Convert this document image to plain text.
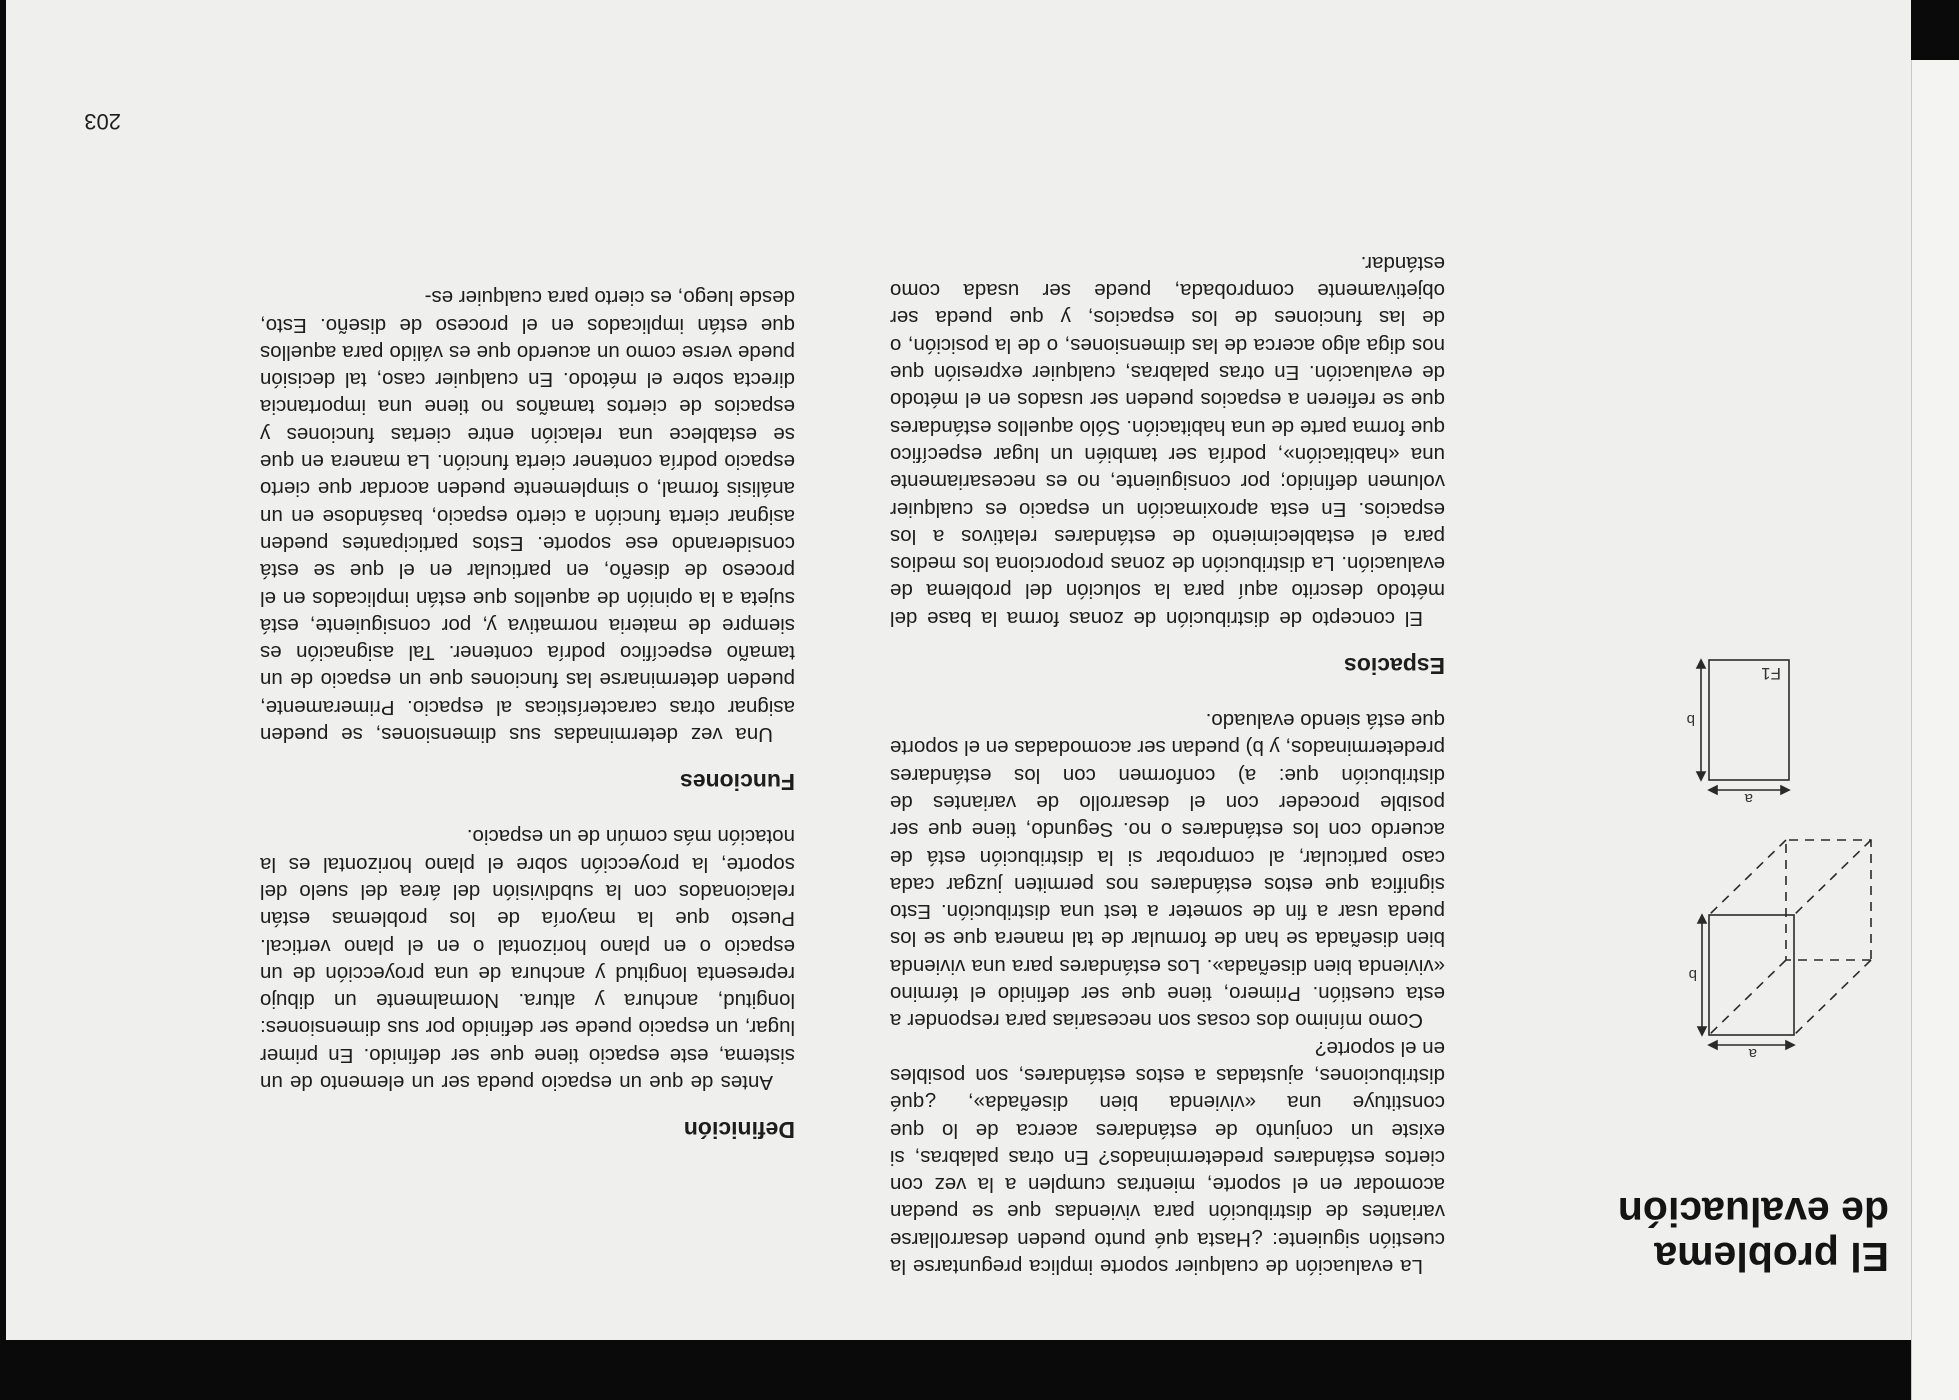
El problema
de evaluación
a
b
a
b
F1

La evaluación de cualquier soporte implica preguntarse la cuestión siguiente: ¿Hasta qué punto pueden desarrollarse variantes de distribución para viviendas que se puedan acomodar en el soporte, mientras cumplen a la vez con ciertos estándares predeterminados? En otras palabras, si existe un conjunto de estándares acerca de lo que constituye una «vivienda bien diseñada», ¿qué distribuciones, ajustadas a estos estándares, son posibles en el soporte?

Como mínimo dos cosas son necesarias para responder a esta cuestión. Primero, tiene que ser definido el término «vivienda bien diseñada». Los estándares para una vivienda bien diseñada se han de formular de tal manera que se los pueda usar a fin de someter a test una distribución. Esto significa que estos estándares nos permiten juzgar cada caso particular, al comprobar si la distribución está de acuerdo con los estándares o no. Segundo, tiene que ser posible proceder con el desarrollo de variantes de distribución que: a) conformen con los estándares predeterminados, y b) puedan ser acomodadas en el soporte que está siendo evaluado.

Espacios

El concepto de distribución de zonas forma la base del método descrito aquí para la solución del problema de evaluación. La distribución de zonas proporciona los medios para el establecimiento de estándares relativos a los espacios. En esta aproximación un espacio es cualquier volumen definido; por consiguiente, no es necesariamente una «habitación», podría ser también un lugar específico que forma parte de una habitación. Sólo aquellos estándares que se refieren a espacios pueden ser usados en el método de evaluación. En otras palabras, cualquier expresión que nos diga algo acerca de las dimensiones, o de la posición, o de las funciones de los espacios, y que pueda ser objetivamente comprobada, puede ser usada como estándar.

Definición

Antes de que un espacio pueda ser un elemento de un sistema, este espacio tiene que ser definido. En primer lugar, un espacio puede ser definido por sus dimensiones: longitud, anchura y altura. Normalmente un dibujo representa longitud y anchura de una proyección de un espacio o en plano horizontal o en el plano vertical. Puesto que la mayoría de los problemas están relacionados con la subdivisión del área del suelo del soporte, la proyección sobre el plano horizontal es la notación más común de un espacio.

Funciones

Una vez determinadas sus dimensiones, se pueden asignar otras características al espacio. Primeramente, pueden determinarse las funciones que un espacio de un tamaño específico podría contener. Tal asignación es siempre de materia normativa y, por consiguiente, está sujeta a la opinión de aquellos que están implicados en el proceso de diseño, en particular en el que se está considerando ese soporte. Estos participantes pueden asignar cierta función a cierto espacio, basándose en un análisis formal, o simplemente pueden acordar que cierto espacio podría contener cierta función. La manera en que se establece una relación entre ciertas funciones y espacios de ciertos tamaños no tiene una importancia directa sobre el método. En cualquier caso, tal decisión puede verse como un acuerdo que es válido para aquellos que están implicados en el proceso de diseño. Esto, desde luego, es cierto para cualquier es-

203
